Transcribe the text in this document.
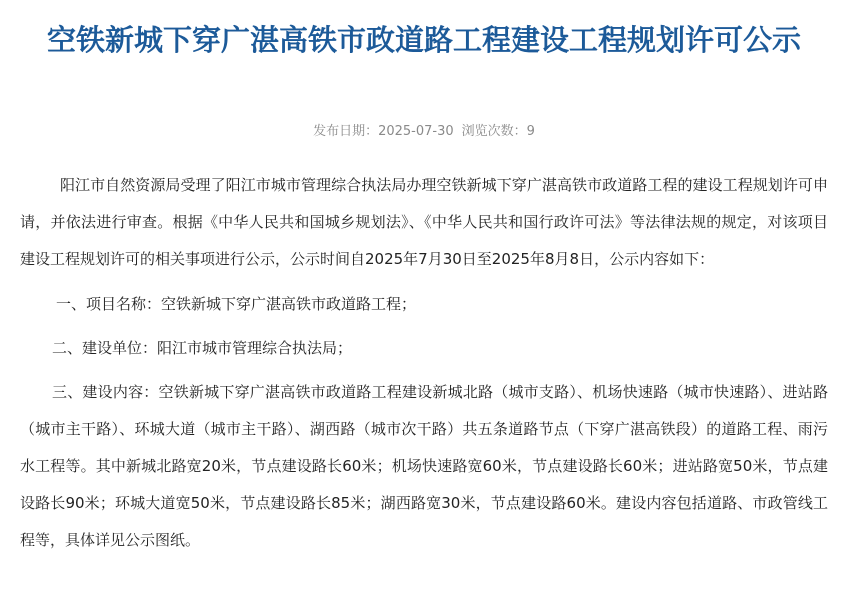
空铁新城下穿广湛高铁市政道路工程建设工程规划许可公示
发布日期：2025-07-30 浏览次数：9

阳江市自然资源局受理了阳江市城市管理综合执法局办理空铁新城下穿广湛高铁市政道路工程的建设工程规划许可申请，并依法进行审查。根据《中华人民共和国城乡规划法》、《中华人民共和国行政许可法》等法律法规的规定，对该项目建设工程规划许可的相关事项进行公示，公示时间自2025年7月30日至2025年8月8日，公示内容如下：

一、项目名称：空铁新城下穿广湛高铁市政道路工程；

二、建设单位：阳江市城市管理综合执法局；

三、建设内容：空铁新城下穿广湛高铁市政道路工程建设新城北路（城市支路）、机场快速路（城市快速路）、进站路（城市主干路）、环城大道（城市主干路）、湖西路（城市次干路）共五条道路节点（下穿广湛高铁段）的道路工程、雨污水工程等。其中新城北路宽20米，节点建设路长60米；机场快速路宽60米，节点建设路长60米；进站路宽50米，节点建设路长90米；环城大道宽50米，节点建设路长85米；湖西路宽30米，节点建设路60米。建设内容包括道路、市政管线工程等，具体详见公示图纸。
